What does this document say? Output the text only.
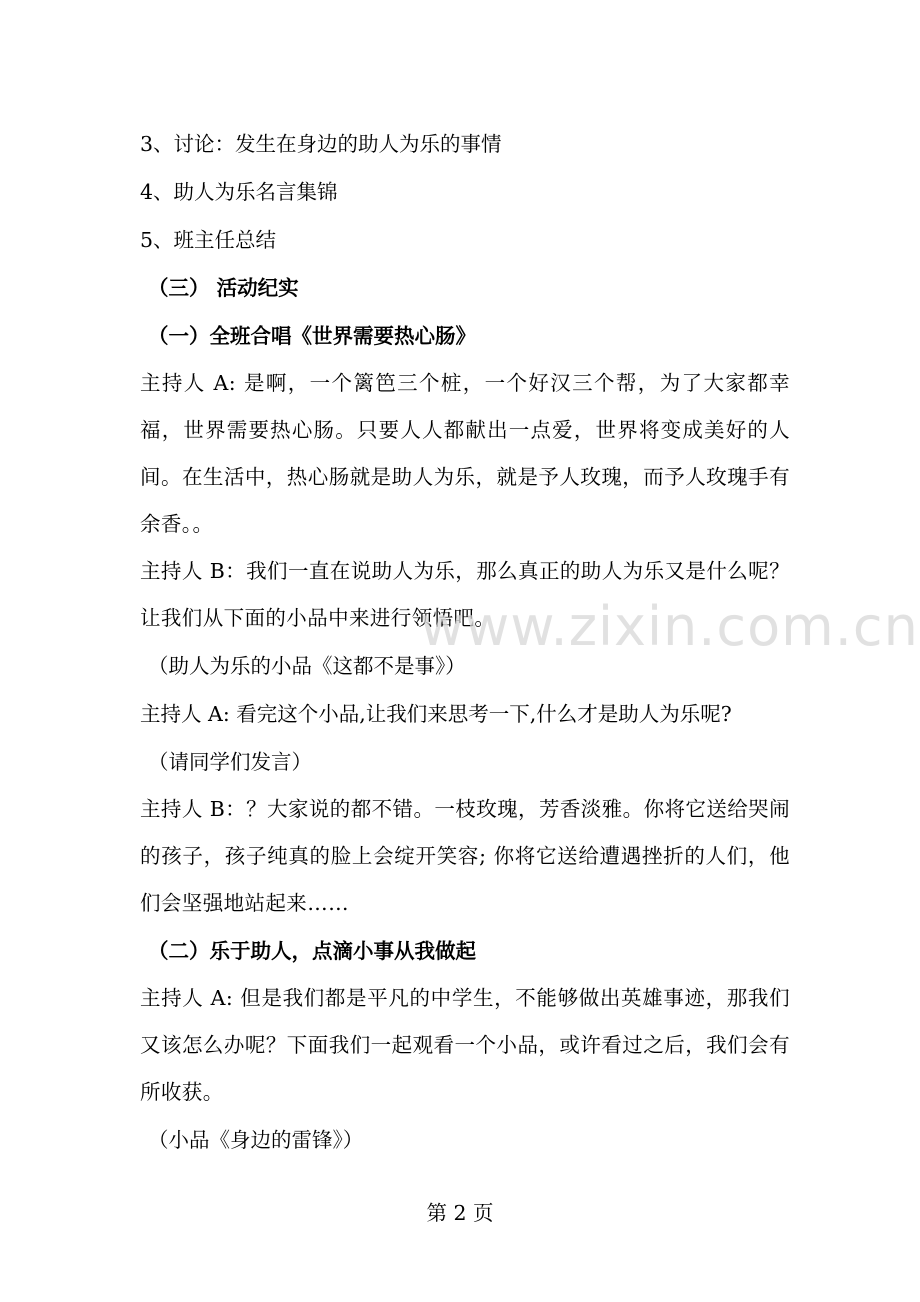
3、讨论：发生在身边的助人为乐的事情
4、助人为乐名言集锦
5、班主任总结
（三） 活动纪实
（一）全班合唱《世界需要热心肠》
主持人 A: 是啊，一个篱笆三个桩，一个好汉三个帮，为了大家都幸福，世界需要热心肠。只要人人都献出一点爱，世界将变成美好的人间。在生活中，热心肠就是助人为乐，就是予人玫瑰，而予人玫瑰手有余香。。
主持人 B：我们一直在说助人为乐，那么真正的助人为乐又是什么呢？让我们从下面的小品中来进行领悟吧。
（助人为乐的小品《这都不是事》）
主持人 A: 看完这个小品,让我们来思考一下,什么才是助人为乐呢?
（请同学们发言）
主持人 B：？大家说的都不错。一枝玫瑰，芳香淡雅。你将它送给哭闹的孩子，孩子纯真的脸上会绽开笑容; 你将它送给遭遇挫折的人们，他们会坚强地站起来……
（二）乐于助人，点滴小事从我做起
主持人 A: 但是我们都是平凡的中学生，不能够做出英雄事迹，那我们又该怎么办呢？下面我们一起观看一个小品，或许看过之后，我们会有所收获。
（小品《身边的雷锋》）
www.zixin.com.cn
第 2 页
